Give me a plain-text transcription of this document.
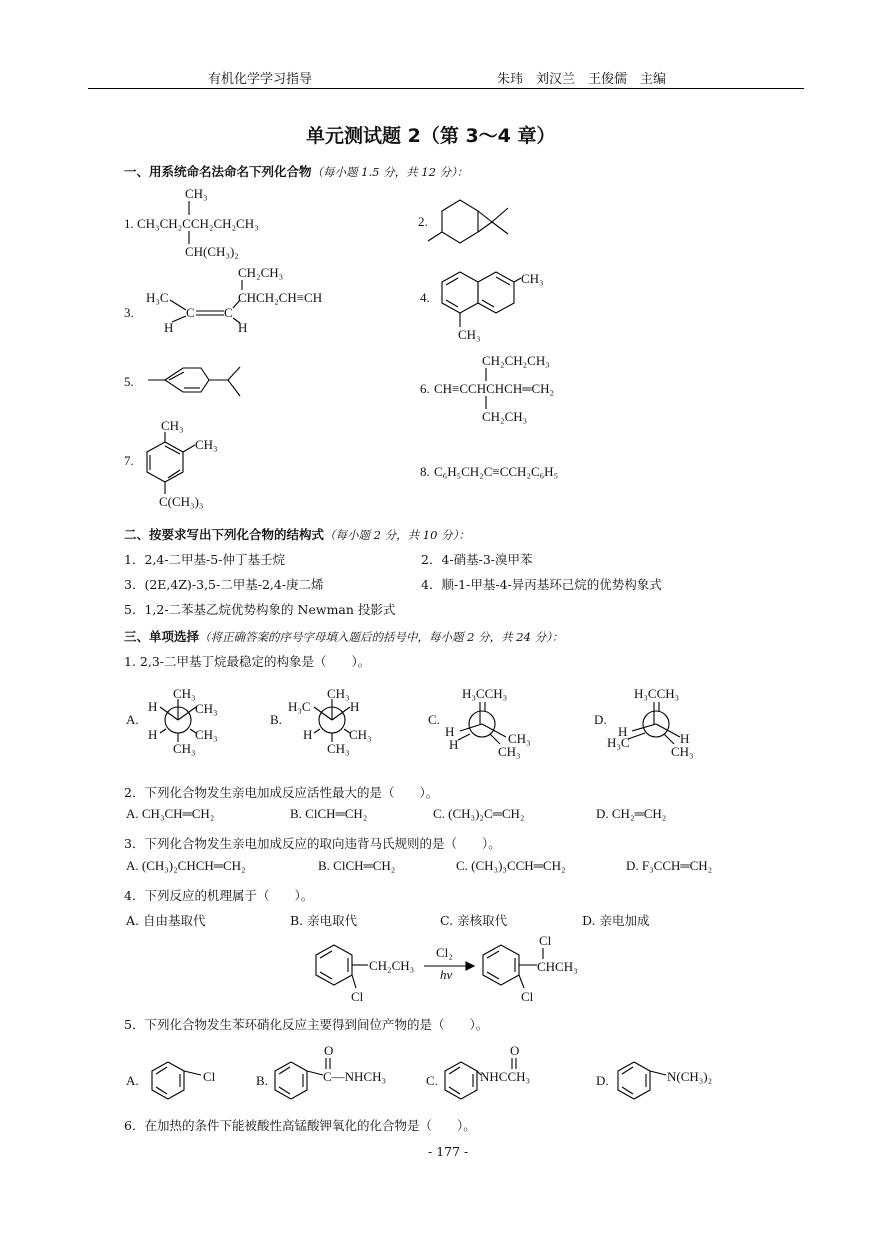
有机化学学习指导	朱玮　刘汉兰　王俊儒　主编
单元测试题 2（第 3～4 章）
一、用系统命名法命名下列化合物（每小题 1.5 分，共 12 分）：
CH₃
1. CH₃CH₂CCH₂CH₂CH₃
CH(CH₃)₂
2.
CH₂CH₃
3.
H₃C
H
C C
H
CHCH₂CH≡CH	4.
CH₃
CH₃
5.
CH₂CH₂CH₃
6. CH≡CCHCHCH═CH₂
CH₂CH₃
CH₃
CH₃
7.
C(CH₃)₃
8. C₆H₅CH₂C≡CCH₂C₆H₅
二、按要求写出下列化合物的结构式（每小题 2 分，共 10 分）：
1．2,4-二甲基-5-仲丁基壬烷	2．4-硝基-3-溴甲苯
3．(2E,4Z)-3,5-二甲基-2,4-庚二烯	4．顺-1-甲基-4-异丙基环己烷的优势构象式
5．1,2-二苯基乙烷优势构象的 Newman 投影式
三、单项选择（将正确答案的序号字母填入题后的括号中，每小题 2 分，共 24 分）：
1. 2,3-二甲基丁烷最稳定的构象是（　　）。
A.
CH₃
H	CH₃
H	CH₃
CH₃
B.
CH₃
H₃C	H
H	CH₃
CH₃
C.
H₃CCH₃
H
H	CH₃
CH₃
D.
H₃CCH₃
H
H₃C	H
CH₃
2．下列化合物发生亲电加成反应活性最大的是（　　）。
A. CH₃CH═CH₂	B. ClCH═CH₂	C. (CH₃)₂C═CH₂	D. CH₂═CH₂
3．下列化合物发生亲电加成反应的取向违背马氏规则的是（　　）。
A. (CH₃)₂CHCH═CH₂	B. ClCH═CH₂	C. (CH₃)₃CCH═CH₂	D. F₃CCH═CH₂
4．下列反应的机理属于（　　）。
A. 自由基取代	B. 亲电取代	C. 亲核取代	D. 亲电加成
CH₂CH₃
Cl
Cl₂
hv
Cl
CHCH₃
Cl
5．下列化合物发生苯环硝化反应主要得到间位产物的是（　　）。
A.	Cl	B.
O
C—NHCH₃	C.
O
NHCCH₃	D.	N(CH₃)₂
6．在加热的条件下能被酸性高锰酸钾氧化的化合物是（　　）。
- 177 -
